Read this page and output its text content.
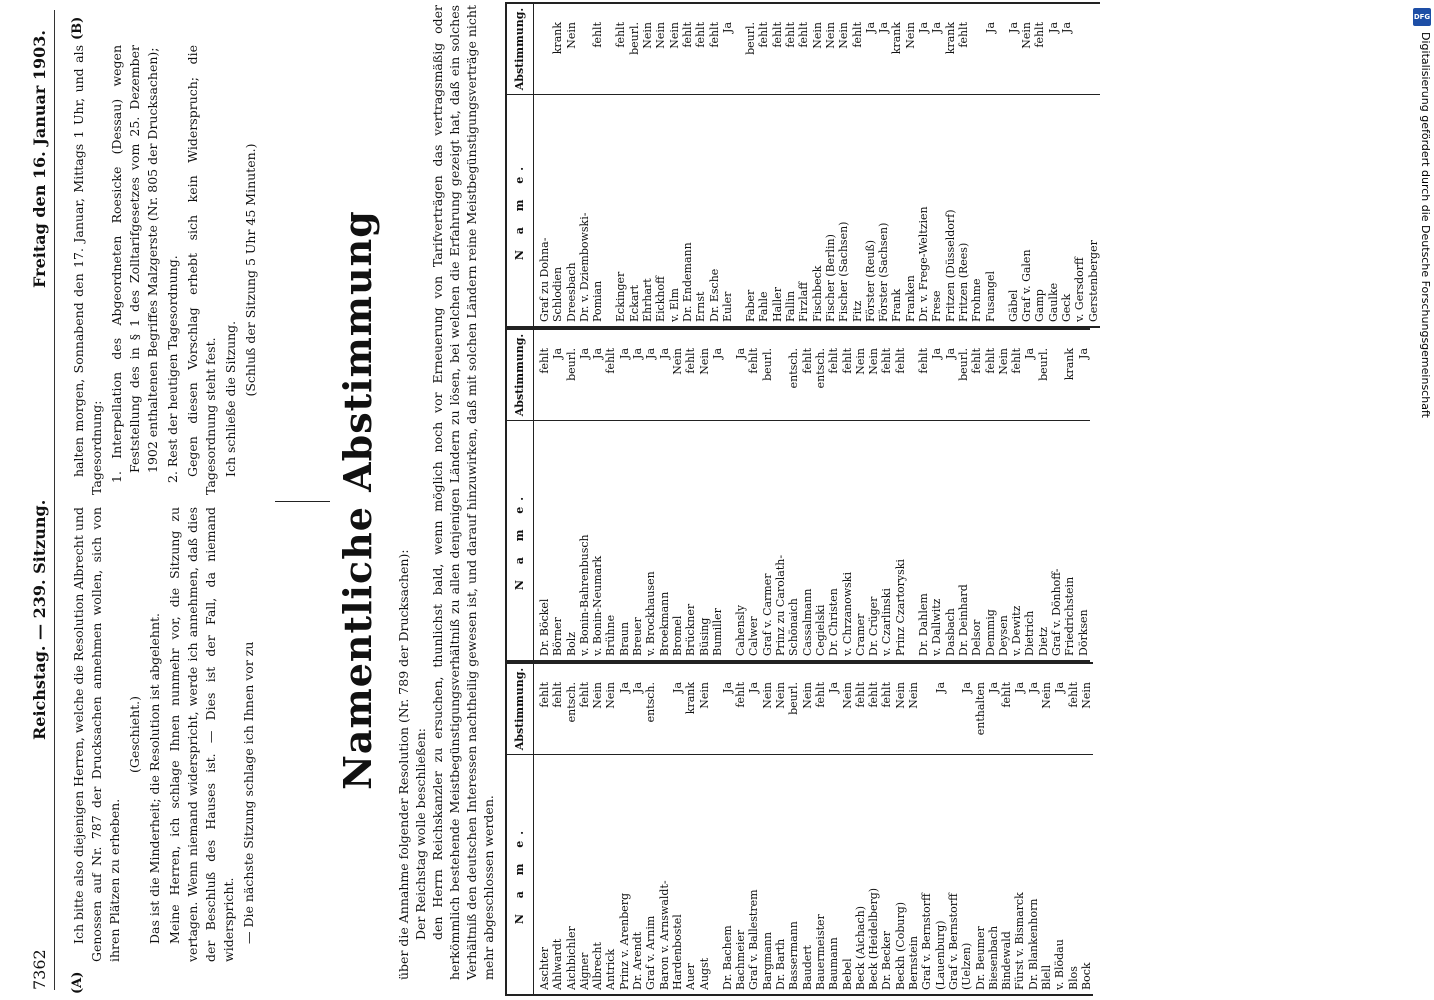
7362
Reichstag. — 239. Sitzung.
Freitag den 16. Januar 1903.
(A)
(B)

Ich bitte also diejenigen Herren, welche die Resolution Albrecht und Genossen auf Nr. 787 der Drucksachen annehmen wollen, sich von ihren Plätzen zu erheben.

(Geschieht.) Das ist die Minderheit; die Resolution ist abgelehnt. Meine Herren, ich schlage Ihnen nunmehr vor, die Sitzung zu vertagen. Wenn niemand widerspricht, werde ich annehmen, daß dies der Beschluß des Hauses ist. — Dies ist der Fall, da niemand widerspricht. — Die nächste Sitzung schlage ich Ihnen vor zu

halten morgen, Sonnabend den 17. Januar, Mittags 1 Uhr, und als Tagesordnung: 1. Interpellation des Abgeordneten Roesicke (Dessau) wegen Feststellung des in § 1 des Zolltarifgesetzes vom 25. Dezember 1902 enthaltenen Begriffes Malzgerste (Nr. 805 der Drucksachen); 2. Rest der heutigen Tagesordnung. Gegen diesen Vorschlag erhebt sich kein Widerspruch; die Tagesordnung steht fest. Ich schließe die Sitzung.

(Schluß der Sitzung 5 Uhr 45 Minuten.) Namentliche Abstimmung über die Annahme folgender Resolution (Nr. 789 der Drucksachen): Der Reichstag wolle beschließen: den Herrn Reichskanzler zu ersuchen, thunlichst bald, wenn möglich noch vor Erneuerung von Tarifverträgen das vertragsmäßig oder herkömmlich bestehende Meistbegünstigungsverhältniß zu allen denjenigen Ländern zu lösen, bei welchen die Erfahrung gezeigt hat, daß ein solches Verhältniß den deutschen Interessen nachtheilig gewesen ist, und darauf hinzuwirken, daß mit solchen Ländern reine Meistbegünstigungsverträge nicht mehr abgeschlossen werden.	N a m e.
Abstimmung.
Aschter Ahlwardt Aichbichler Aigner Albrecht Antrick Prinz v. Arenberg Dr. Arendt Graf v. Arnim Baron v. Arnswaldt- Hardenbostel Auer Augst Dr. Bachem Bachmeier Graf v. Ballestrem Bargmann Dr. Barth Bassermann Baudert Bauermeister Baumann Bebel Beck (Aichach) Beck (Heidelberg) Dr. Becker Beckh (Coburg) Bernstein Graf v. Bernstorff (Lauenburg) Graf v. Bernstorff (Uelzen) Dr. Beumer Biesenbach Bindewald Fürst v. Bismarck Dr. Blankenhorn Blell v. Blödau Blos Bock
fehlt fehlt entsch. fehlt Nein Nein Ja Ja entsch. Ja krank Nein Ja fehlt Ja Nein Nein beurl. Nein fehlt Ja Nein fehlt fehlt fehlt Nein Nein Ja Ja enthalten Ja fehlt Ja Ja Nein Ja fehlt Nein
N a m e.
Abstimmung.
Dr. Böckel Börner Bolz v. Bonin-Bahrenbusch v. Bonin-Neumark Brühne Braun Breuer v. Brockhausen Broekmann Bromel Brückner Büsing Bumiller Cahensly Calwer Graf v. Carmer Prinz zu Carolath- Schönaich Cassalmann Cegielski Dr. Christen v. Chrzanowski Cramer Dr. Crüger v. Czarlinski Prinz Czartoryski Dr. Dahlem v. Dallwitz Dasbach Dr. Deinhard Delsor Demmig Deysen v. Dewitz Dietrich Dietz Graf v. Dönhoff- Friedrichstein Dörksen
fehlt Ja beurl. Ja Ja fehlt Ja Ja Ja Ja Nein fehlt Nein Ja Ja fehlt beurl. entsch. fehlt entsch. fehlt fehlt Nein Nein fehlt fehlt fehlt Ja Ja beurl. fehlt fehlt Nein fehlt Ja beurl. krank Ja
N a m e.
Abstimmung.
Graf zu Dohna- Schlodien Dreesbach Dr. v. Dziembowski- Pomian Eckinger Eckart Ehrhart Eickhoff v. Elm Dr. Endemann Ernst Dr. Esche Euler Faber Fahle Haller Fallin Firzlaff Fischbeck Fischer (Berlin) Fischer (Sachsen) Fitz Förster (Reuß) Förster (Sachsen) Frank Franken Dr. v. Frege-Weltzien Frese Fritzen (Düsseldorf) Fritzen (Rees) Frohme Fusangel Gäbel Graf v. Galen Gamp Gaulke Geck v. Gersdorff Gerstenberger
krank Nein fehlt fehlt beurl. Nein Nein Nein fehlt fehlt fehlt Ja beurl. fehlt fehlt fehlt fehlt Nein Nein Nein fehlt Ja Ja krank Nein Ja Ja krank fehlt Ja Ja Nein fehlt Ja Ja
DFG
Digitalisierung gefördert durch die Deutsche Forschungsgemeinschaft
